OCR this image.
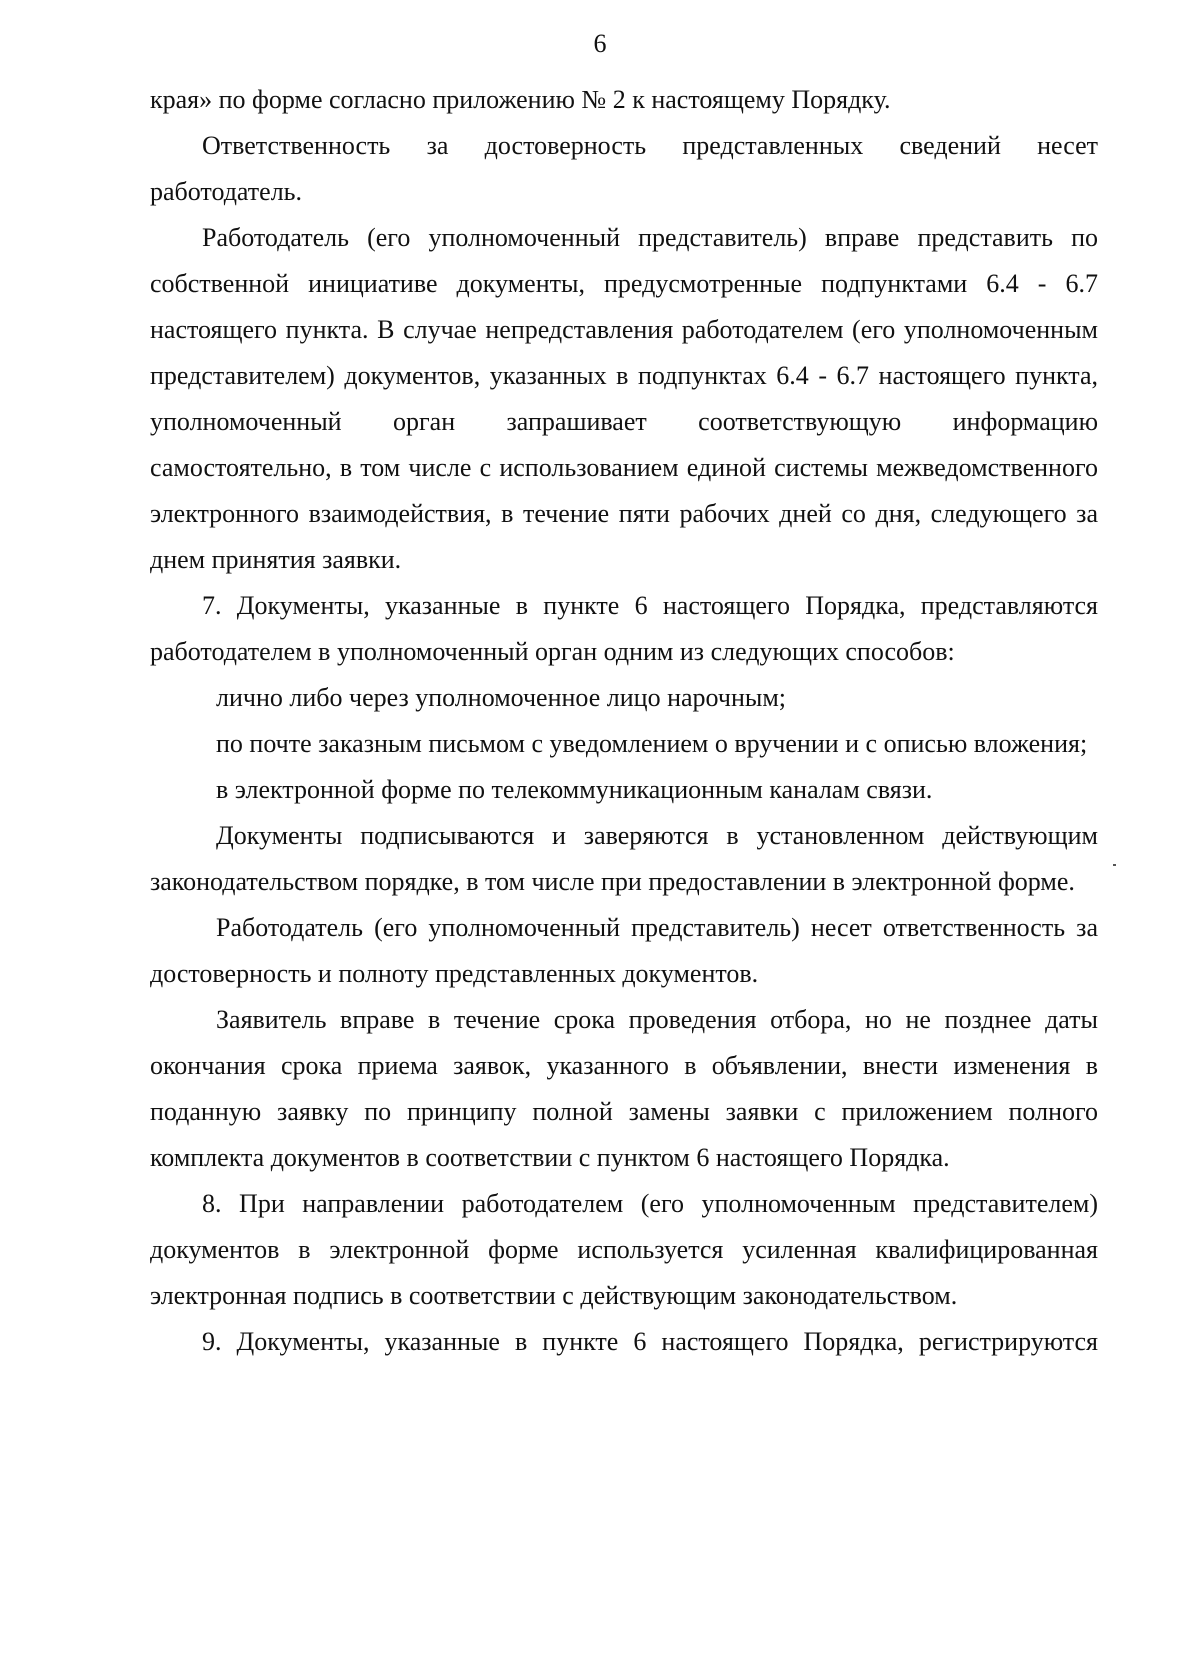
6

края» по форме согласно приложению № 2 к настоящему Порядку.

Ответственность за достоверность представленных сведений несет работодатель.

Работодатель (его уполномоченный представитель) вправе представить по собственной инициативе документы, предусмотренные подпунктами 6.4 - 6.7 настоящего пункта. В случае непредставления работодателем (его уполномоченным представителем) документов, указанных в подпунктах 6.4 - 6.7 настоящего пункта, уполномоченный орган запрашивает соответствующую информацию самостоятельно, в том числе с использованием единой системы межведомственного электронного взаимодействия, в течение пяти рабочих дней со дня, следующего за днем принятия заявки.

7. Документы, указанные в пункте 6 настоящего Порядка, представляются работодателем в уполномоченный орган одним из следующих способов:

лично либо через уполномоченное лицо нарочным;

по почте заказным письмом с уведомлением о вручении и с описью вложения;

в электронной форме по телекоммуникационным каналам связи.

Документы подписываются и заверяются в установленном действующим законодательством порядке, в том числе при предоставлении в электронной форме.

Работодатель (его уполномоченный представитель) несет ответственность за достоверность и полноту представленных документов.

Заявитель вправе в течение срока проведения отбора, но не позднее даты окончания срока приема заявок, указанного в объявлении, внести изменения в поданную заявку по принципу полной замены заявки с приложением полного комплекта документов в соответствии с пунктом 6 настоящего Порядка.

8. При направлении работодателем (его уполномоченным представителем) документов в электронной форме используется усиленная квалифицированная электронная подпись в соответствии с действующим законодательством.

9. Документы, указанные в пункте 6 настоящего Порядка, регистрируются
